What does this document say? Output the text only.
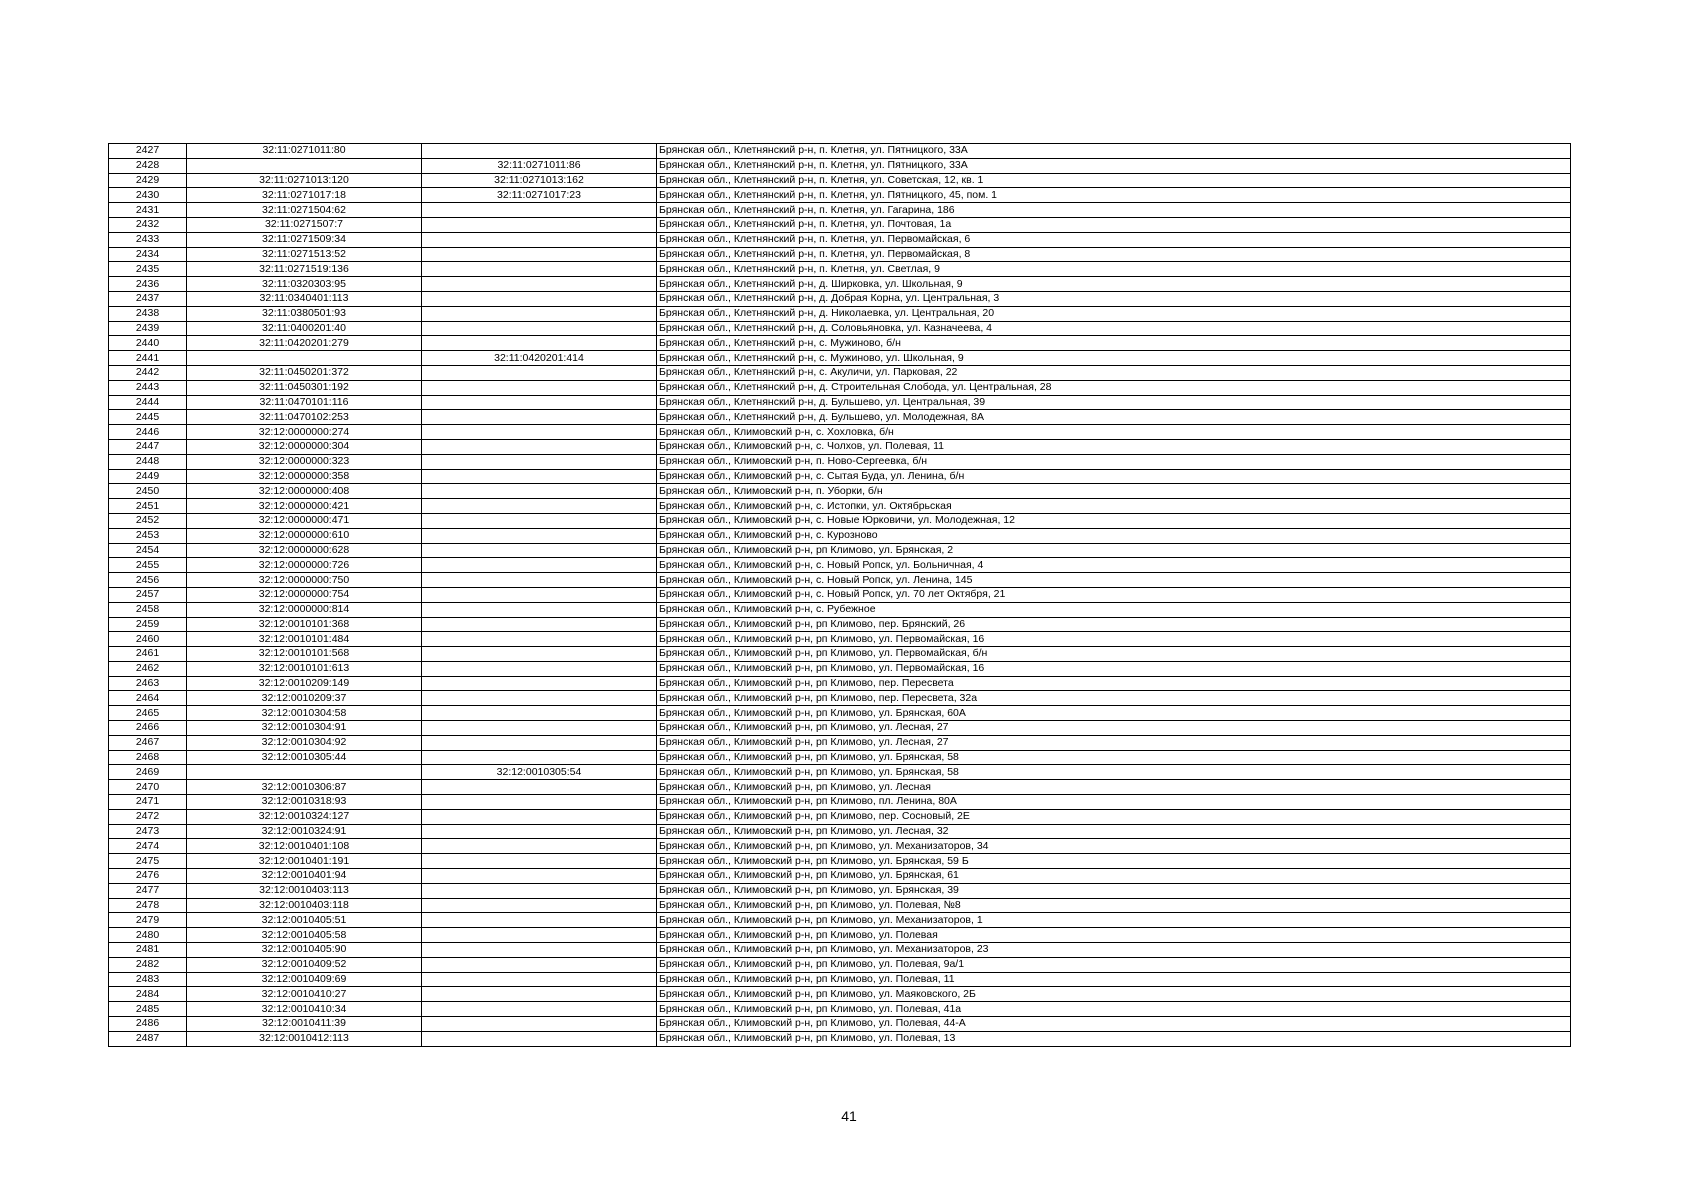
2427	32:11:0271011:80		Брянская обл., Клетнянский р-н, п. Клетня, ул. Пятницкого, 33А
2428		32:11:0271011:86	Брянская обл., Клетнянский р-н, п. Клетня, ул. Пятницкого, 33А
2429	32:11:0271013:120	32:11:0271013:162	Брянская обл., Клетнянский р-н, п. Клетня, ул. Советская, 12, кв. 1
2430	32:11:0271017:18	32:11:0271017:23	Брянская обл., Клетнянский р-н, п. Клетня, ул. Пятницкого, 45, пом. 1
2431	32:11:0271504:62		Брянская обл., Клетнянский р-н, п. Клетня, ул. Гагарина, 186
2432	32:11:0271507:7		Брянская обл., Клетнянский р-н, п. Клетня, ул. Почтовая, 1а
2433	32:11:0271509:34		Брянская обл., Клетнянский р-н, п. Клетня, ул. Первомайская, 6
2434	32:11:0271513:52		Брянская обл., Клетнянский р-н, п. Клетня, ул. Первомайская, 8
2435	32:11:0271519:136		Брянская обл., Клетнянский р-н, п. Клетня, ул. Светлая, 9
2436	32:11:0320303:95		Брянская обл., Клетнянский р-н, д. Ширковка, ул. Школьная, 9
2437	32:11:0340401:113		Брянская обл., Клетнянский р-н, д. Добрая Корна, ул. Центральная, 3
2438	32:11:0380501:93		Брянская обл., Клетнянский р-н, д. Николаевка, ул. Центральная, 20
2439	32:11:0400201:40		Брянская обл., Клетнянский р-н, д. Соловьяновка, ул. Казначеева, 4
2440	32:11:0420201:279		Брянская обл., Клетнянский р-н, с. Мужиново, б/н
2441		32:11:0420201:414	Брянская обл., Клетнянский р-н, с. Мужиново, ул. Школьная, 9
2442	32:11:0450201:372		Брянская обл., Клетнянский р-н, с. Акуличи, ул. Парковая, 22
2443	32:11:0450301:192		Брянская обл., Клетнянский р-н, д. Строительная Слобода, ул. Центральная, 28
2444	32:11:0470101:116		Брянская обл., Клетнянский р-н, д. Бульшево, ул. Центральная, 39
2445	32:11:0470102:253		Брянская обл., Клетнянский р-н, д. Бульшево, ул. Молодежная, 8А
2446	32:12:0000000:274		Брянская обл., Климовский р-н, с. Хохловка, б/н
2447	32:12:0000000:304		Брянская обл., Климовский р-н, с. Чолхов, ул. Полевая, 11
2448	32:12:0000000:323		Брянская обл., Климовский р-н, п. Ново-Сергеевка, б/н
2449	32:12:0000000:358		Брянская обл., Климовский р-н, с. Сытая Буда, ул. Ленина, б/н
2450	32:12:0000000:408		Брянская обл., Климовский р-н, п. Уборки, б/н
2451	32:12:0000000:421		Брянская обл., Климовский р-н, с. Истопки, ул. Октябрьская
2452	32:12:0000000:471		Брянская обл., Климовский р-н, с. Новые Юрковичи, ул. Молодежная, 12
2453	32:12:0000000:610		Брянская обл., Климовский р-н, с. Курозново
2454	32:12:0000000:628		Брянская обл., Климовский р-н, рп Климово, ул. Брянская, 2
2455	32:12:0000000:726		Брянская обл., Климовский р-н, с. Новый Ропск, ул. Больничная, 4
2456	32:12:0000000:750		Брянская обл., Климовский р-н, с. Новый Ропск, ул. Ленина, 145
2457	32:12:0000000:754		Брянская обл., Климовский р-н, с. Новый Ропск, ул. 70 лет Октября, 21
2458	32:12:0000000:814		Брянская обл., Климовский р-н, с. Рубежное
2459	32:12:0010101:368		Брянская обл., Климовский р-н, рп Климово, пер. Брянский, 26
2460	32:12:0010101:484		Брянская обл., Климовский р-н, рп Климово, ул. Первомайская, 16
2461	32:12:0010101:568		Брянская обл., Климовский р-н, рп Климово, ул. Первомайская, б/н
2462	32:12:0010101:613		Брянская обл., Климовский р-н, рп Климово, ул. Первомайская, 16
2463	32:12:0010209:149		Брянская обл., Климовский р-н, рп Климово, пер. Пересвета
2464	32:12:0010209:37		Брянская обл., Климовский р-н, рп Климово, пер. Пересвета, 32а
2465	32:12:0010304:58		Брянская обл., Климовский р-н, рп Климово, ул. Брянская, 60А
2466	32:12:0010304:91		Брянская обл., Климовский р-н, рп Климово, ул. Лесная, 27
2467	32:12:0010304:92		Брянская обл., Климовский р-н, рп Климово, ул. Лесная, 27
2468	32:12:0010305:44		Брянская обл., Климовский р-н, рп Климово, ул. Брянская, 58
2469		32:12:0010305:54	Брянская обл., Климовский р-н, рп Климово, ул. Брянская, 58
2470	32:12:0010306:87		Брянская обл., Климовский р-н, рп Климово, ул. Лесная
2471	32:12:0010318:93		Брянская обл., Климовский р-н, рп Климово, пл. Ленина, 80А
2472	32:12:0010324:127		Брянская обл., Климовский р-н, рп Климово, пер. Сосновый, 2Е
2473	32:12:0010324:91		Брянская обл., Климовский р-н, рп Климово, ул. Лесная, 32
2474	32:12:0010401:108		Брянская обл., Климовский р-н, рп Климово, ул. Механизаторов, 34
2475	32:12:0010401:191		Брянская обл., Климовский р-н, рп Климово, ул. Брянская, 59 Б
2476	32:12:0010401:94		Брянская обл., Климовский р-н, рп Климово, ул. Брянская, 61
2477	32:12:0010403:113		Брянская обл., Климовский р-н, рп Климово, ул. Брянская, 39
2478	32:12:0010403:118		Брянская обл., Климовский р-н, рп Климово, ул. Полевая, №8
2479	32:12:0010405:51		Брянская обл., Климовский р-н, рп Климово, ул. Механизаторов, 1
2480	32:12:0010405:58		Брянская обл., Климовский р-н, рп Климово, ул. Полевая
2481	32:12:0010405:90		Брянская обл., Климовский р-н, рп Климово, ул. Механизаторов, 23
2482	32:12:0010409:52		Брянская обл., Климовский р-н, рп Климово, ул. Полевая, 9а/1
2483	32:12:0010409:69		Брянская обл., Климовский р-н, рп Климово, ул. Полевая, 11
2484	32:12:0010410:27		Брянская обл., Климовский р-н, рп Климово, ул. Маяковского, 2Б
2485	32:12:0010410:34		Брянская обл., Климовский р-н, рп Климово, ул. Полевая, 41а
2486	32:12:0010411:39		Брянская обл., Климовский р-н, рп Климово, ул. Полевая, 44-А
2487	32:12:0010412:113		Брянская обл., Климовский р-н, рп Климово, ул. Полевая, 13
41
